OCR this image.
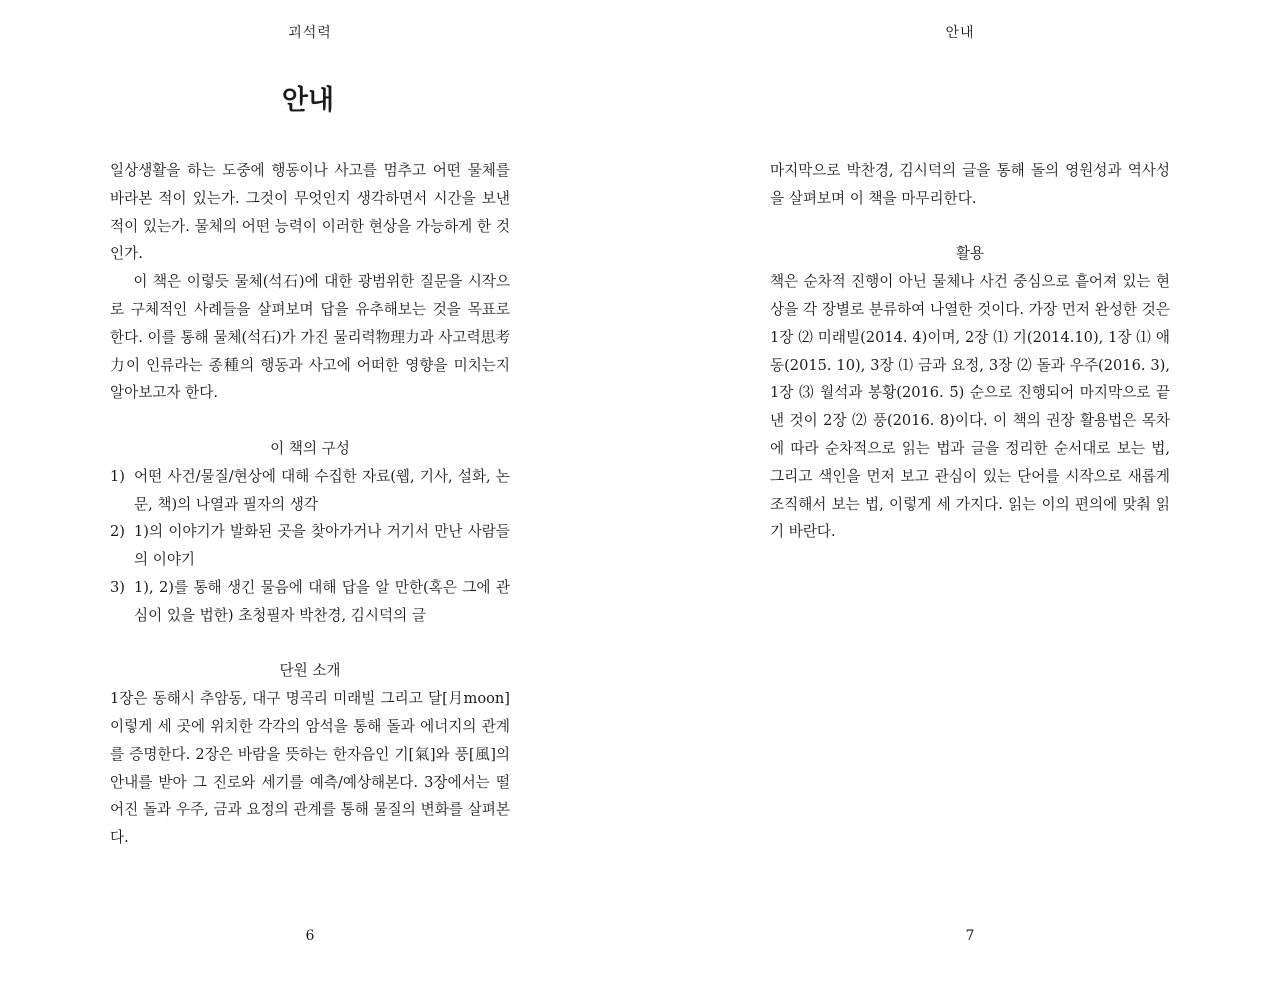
괴석력
안내

일상생활을 하는 도중에 행동이나 사고를 멈추고 어떤 물체를 바라본 적이 있는가. 그것이 무엇인지 생각하면서 시간을 보낸 적이 있는가. 물체의 어떤 능력이 이러한 현상을 가능하게 한 것인가.

이 책은 이렇듯 물체(석石)에 대한 광범위한 질문을 시작으로 구체적인 사례들을 살펴보며 답을 유추해보는 것을 목표로 한다. 이를 통해 물체(석石)가 가진 물리력物理力과 사고력思考力이 인류라는 종種의 행동과 사고에 어떠한 영향을 미치는지 알아보고자 한다.

이 책의 구성
1) 어떤 사건/물질/현상에 대해 수집한 자료(웹, 기사, 설화, 논문, 책)의 나열과 필자의 생각
2) 1)의 이야기가 발화된 곳을 찾아가거나 거기서 만난 사람들의 이야기
3) 1), 2)를 통해 생긴 물음에 대해 답을 알 만한(혹은 그에 관심이 있을 법한) 초청필자 박찬경, 김시덕의 글
단원 소개

1장은 동해시 추암동, 대구 명곡리 미래빌 그리고 달[月moon] 이렇게 세 곳에 위치한 각각의 암석을 통해 돌과 에너지의 관계를 증명한다. 2장은 바람을 뜻하는 한자음인 기[氣]와 풍[風]의 안내를 받아 그 진로와 세기를 예측/예상해본다. 3장에서는 떨어진 돌과 우주, 금과 요정의 관계를 통해 물질의 변화를 살펴본다.

6
안내

마지막으로 박찬경, 김시덕의 글을 통해 돌의 영원성과 역사성을 살펴보며 이 책을 마무리한다.

활용

책은 순차적 진행이 아닌 물체나 사건 중심으로 흩어져 있는 현상을 각 장별로 분류하여 나열한 것이다. 가장 먼저 완성한 것은 1장 ⑵ 미래빌(2014. 4)이며, 2장 ⑴ 기(2014.10), 1장 ⑴ 애동(2015. 10), 3장 ⑴ 금과 요정, 3장 ⑵ 돌과 우주(2016. 3), 1장 ⑶ 월석과 봉황(2016. 5) 순으로 진행되어 마지막으로 끝낸 것이 2장 ⑵ 풍(2016. 8)이다. 이 책의 권장 활용법은 목차에 따라 순차적으로 읽는 법과 글을 정리한 순서대로 보는 법, 그리고 색인을 먼저 보고 관심이 있는 단어를 시작으로 새롭게 조직해서 보는 법, 이렇게 세 가지다. 읽는 이의 편의에 맞춰 읽기 바란다.

7
